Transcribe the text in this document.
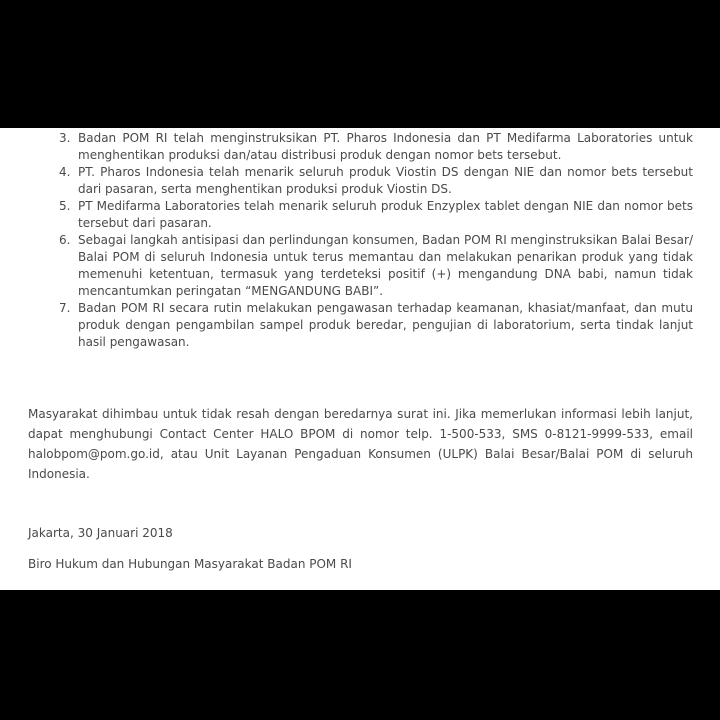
3. Badan POM RI telah menginstruksikan PT. Pharos Indonesia dan PT Medifarma Laboratories untuk menghentikan produksi dan/atau distribusi produk dengan nomor bets tersebut.
4. PT. Pharos Indonesia telah menarik seluruh produk Viostin DS dengan NIE dan nomor bets tersebut dari pasaran, serta menghentikan produksi produk Viostin DS.
5. PT Medifarma Laboratories telah menarik seluruh produk Enzyplex tablet dengan NIE dan nomor bets tersebut dari pasaran.
6. Sebagai langkah antisipasi dan perlindungan konsumen, Badan POM RI menginstruksikan Balai Besar/ Balai POM di seluruh Indonesia untuk terus memantau dan melakukan penarikan produk yang tidak memenuhi ketentuan, termasuk yang terdeteksi positif (+) mengandung DNA babi, namun tidak mencantumkan peringatan “MENGANDUNG BABI”.
7. Badan POM RI secara rutin melakukan pengawasan terhadap keamanan, khasiat/manfaat, dan mutu produk dengan pengambilan sampel produk beredar, pengujian di laboratorium, serta tindak lanjut hasil pengawasan.

Masyarakat dihimbau untuk tidak resah dengan beredarnya surat ini. Jika memerlukan informasi lebih lanjut, dapat menghubungi Contact Center HALO BPOM di nomor telp. 1-500-533, SMS 0-8121-9999-533, email halobpom@pom.go.id, atau Unit Layanan Pengaduan Konsumen (ULPK) Balai Besar/Balai POM di seluruh Indonesia.

Jakarta, 30 Januari 2018

Biro Hukum dan Hubungan Masyarakat Badan POM RI
